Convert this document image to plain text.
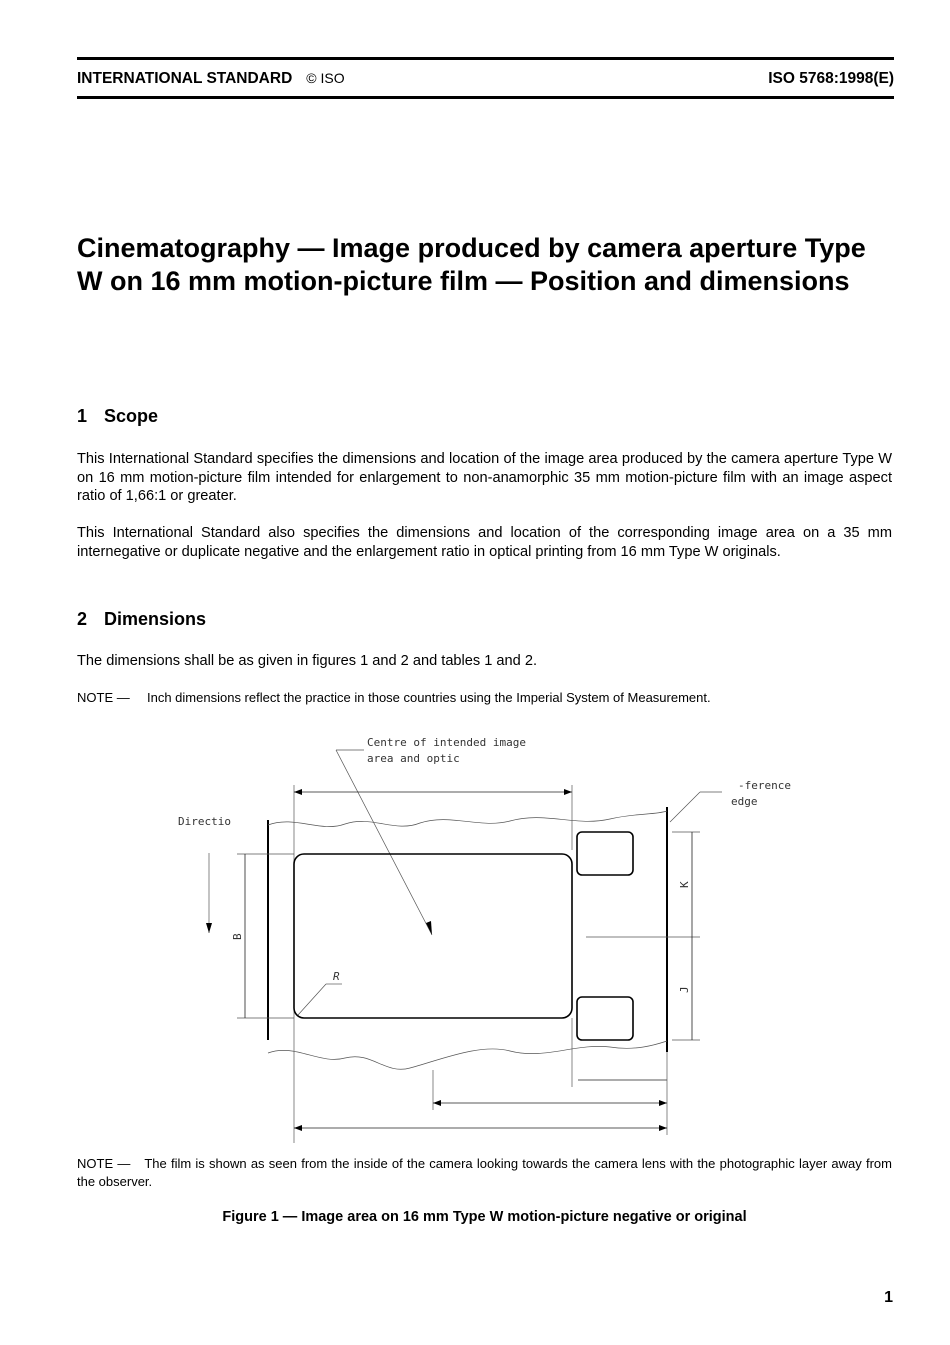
INTERNATIONAL STANDARD © ISO	ISO 5768:1998(E)
Cinematography — Image produced by camera aperture Type W on 16 mm motion-picture film — Position and dimensions
1 Scope

This International Standard specifies the dimensions and location of the image area produced by the camera aperture Type W on 16 mm motion-picture film intended for enlargement to non-anamorphic 35 mm motion-picture film with an image aspect ratio of 1,66:1 or greater.

This International Standard also specifies the dimensions and location of the corresponding image area on a 35 mm internegative or duplicate negative and the enlargement ratio in optical printing from 16 mm Type W originals.

2 Dimensions

The dimensions shall be as given in figures 1 and 2 and tables 1 and 2.

NOTE — Inch dimensions reflect the practice in those countries using the Imperial System of Measurement.

Centre of intended image
area and optic
-ference
edge
Directio
B
R
K
J

NOTE — The film is shown as seen from the inside of the camera looking towards the camera lens with the photographic layer away from the observer.

Figure 1 — Image area on 16 mm Type W motion-picture negative or original

1
